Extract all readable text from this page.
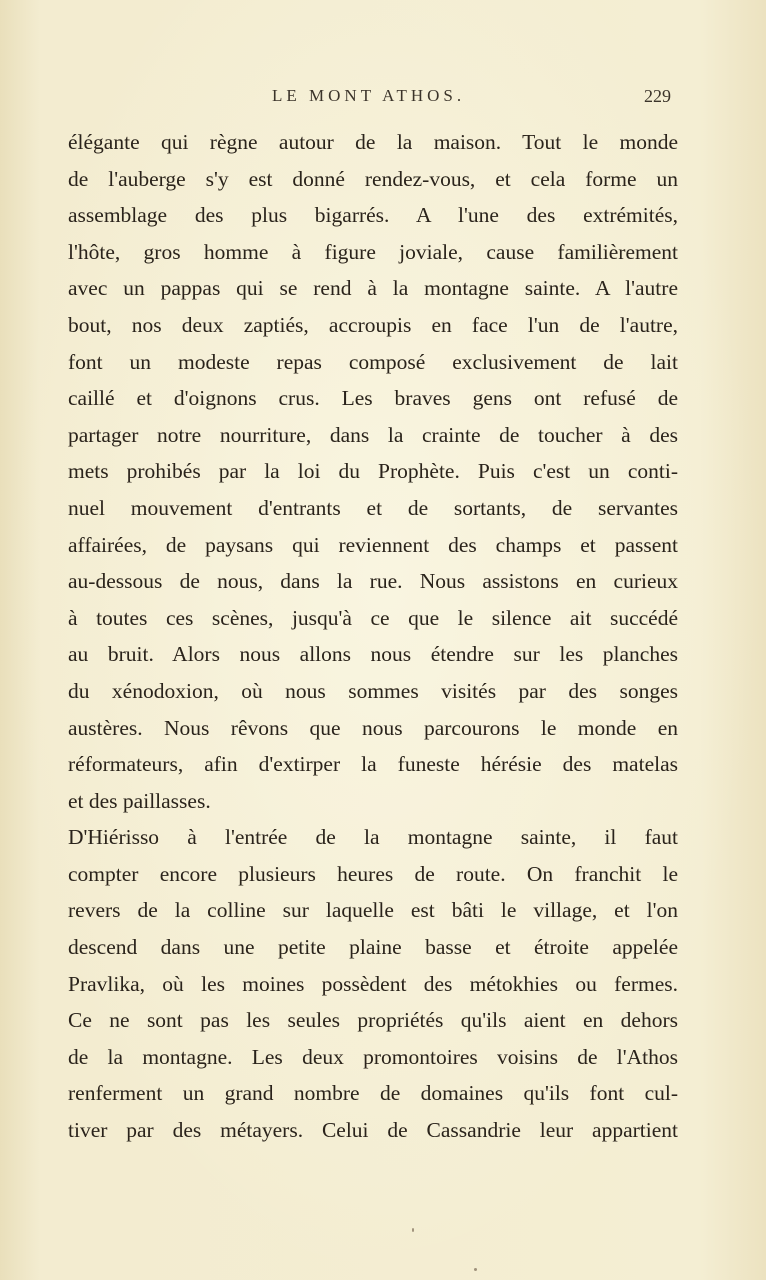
LE MONT ATHOS.	229
élégante qui règne autour de la maison. Tout le monde
de l'auberge s'y est donné rendez-vous, et cela forme un
assemblage des plus bigarrés. A l'une des extrémités,
l'hôte, gros homme à figure joviale, cause familièrement
avec un pappas qui se rend à la montagne sainte. A l'autre
bout, nos deux zaptiés, accroupis en face l'un de l'autre,
font un modeste repas composé exclusivement de lait
caillé et d'oignons crus. Les braves gens ont refusé de
partager notre nourriture, dans la crainte de toucher à des
mets prohibés par la loi du Prophète. Puis c'est un conti-
nuel mouvement d'entrants et de sortants, de servantes
affairées, de paysans qui reviennent des champs et passent
au-dessous de nous, dans la rue. Nous assistons en curieux
à toutes ces scènes, jusqu'à ce que le silence ait succédé
au bruit. Alors nous allons nous étendre sur les planches
du xénodoxion, où nous sommes visités par des songes
austères. Nous rêvons que nous parcourons le monde en
réformateurs, afin d'extirper la funeste hérésie des matelas
et des paillasses.
D'Hiérisso à l'entrée de la montagne sainte, il faut
compter encore plusieurs heures de route. On franchit le
revers de la colline sur laquelle est bâti le village, et l'on
descend dans une petite plaine basse et étroite appelée
Pravlika, où les moines possèdent des métokhies ou fermes.
Ce ne sont pas les seules propriétés qu'ils aient en dehors
de la montagne. Les deux promontoires voisins de l'Athos
renferment un grand nombre de domaines qu'ils font cul-
tiver par des métayers. Celui de Cassandrie leur appartient
